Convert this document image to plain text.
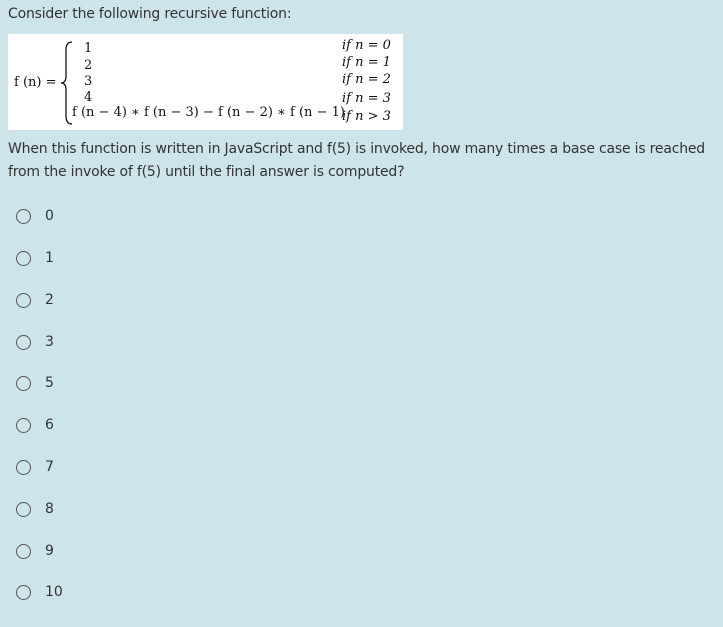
Consider the following recursive function:
f (n) =
1
2
3
4
f (n − 4) ∗ f (n − 3) − f (n − 2) ∗ f (n − 1)
if n = 0
if n = 1
if n = 2
if n = 3
if n > 3
When this function is written in JavaScript and f(5) is invoked, how many times a base case is reached from the invoke of f(5) until the final answer is computed?
0
1
2
3
5
6
7
8
9
10
